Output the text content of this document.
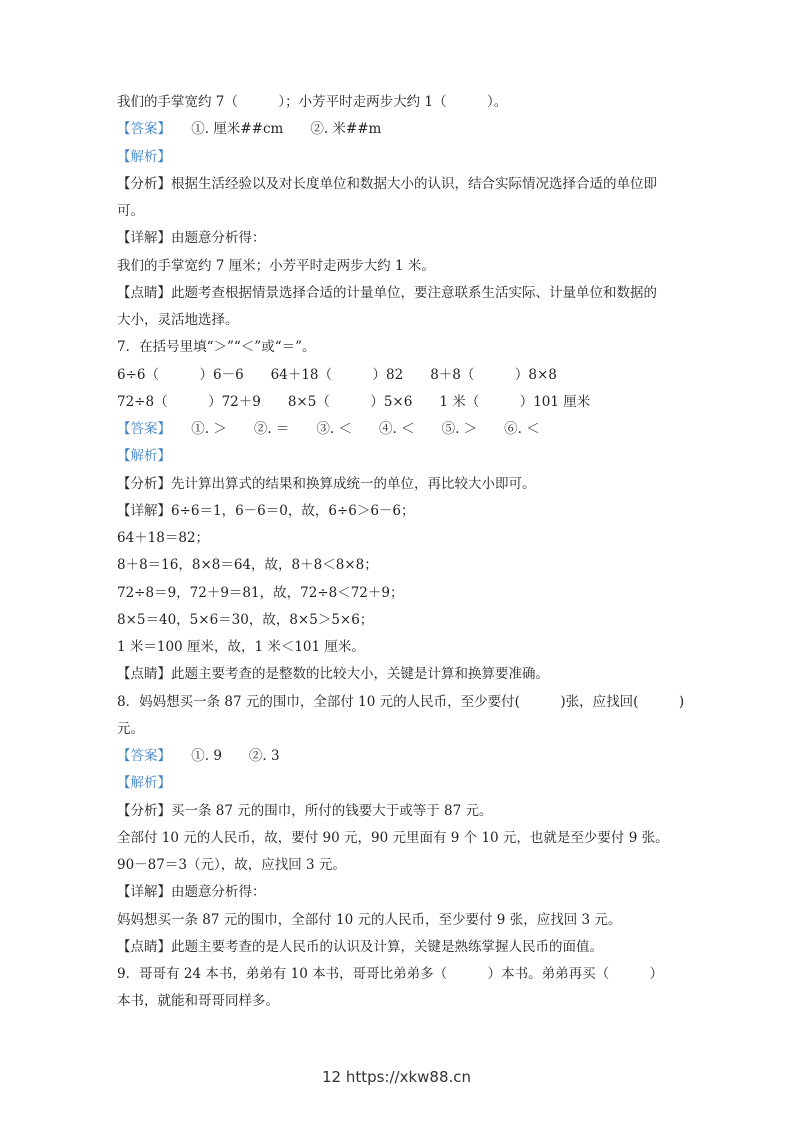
我们的手掌宽约 7（　　　）；小芳平时走两步大约 1（　　　）。
【答案】　　①. 厘米##cm　　②. 米##m
【解析】
【分析】根据生活经验以及对长度单位和数据大小的认识，结合实际情况选择合适的单位即
可。
【详解】由题意分析得：
我们的手掌宽约 7 厘米；小芳平时走两步大约 1 米。
【点睛】此题考查根据情景选择合适的计量单位，要注意联系生活实际、计量单位和数据的
大小，灵活地选择。
7．在括号里填“＞”“＜”或“＝”。
6÷6（　　　）6－6　　64＋18（　　　）82　　8＋8（　　　）8×8
72÷8（　　　）72＋9　　8×5（　　　）5×6　　1 米（　　　）101 厘米
【答案】　　①. ＞　　②. ＝　　③. ＜　　④. ＜　　⑤. ＞　　⑥. ＜
【解析】
【分析】先计算出算式的结果和换算成统一的单位，再比较大小即可。
【详解】6÷6＝1，6－6＝0，故，6÷6＞6－6；
64＋18＝82；
8＋8＝16，8×8＝64，故，8＋8＜8×8；
72÷8＝9，72＋9＝81，故，72÷8＜72＋9；
8×5＝40，5×6＝30，故，8×5＞5×6；
1 米＝100 厘米，故，1 米＜101 厘米。
【点睛】此题主要考查的是整数的比较大小，关键是计算和换算要准确。
8．妈妈想买一条 87 元的围巾，全部付 10 元的人民币，至少要付(　　　)张，应找回(　　　)
元。
【答案】　　①. 9　　②. 3
【解析】
【分析】买一条 87 元的围巾，所付的钱要大于或等于 87 元。
全部付 10 元的人民币，故，要付 90 元，90 元里面有 9 个 10 元，也就是至少要付 9 张。
90－87＝3（元），故，应找回 3 元。
【详解】由题意分析得：
妈妈想买一条 87 元的围巾，全部付 10 元的人民币，至少要付 9 张，应找回 3 元。
【点睛】此题主要考查的是人民币的认识及计算，关键是熟练掌握人民币的面值。
9．哥哥有 24 本书，弟弟有 10 本书，哥哥比弟弟多（　　　）本书。弟弟再买（　　　）
本书，就能和哥哥同样多。
12 https://xkw88.cn
